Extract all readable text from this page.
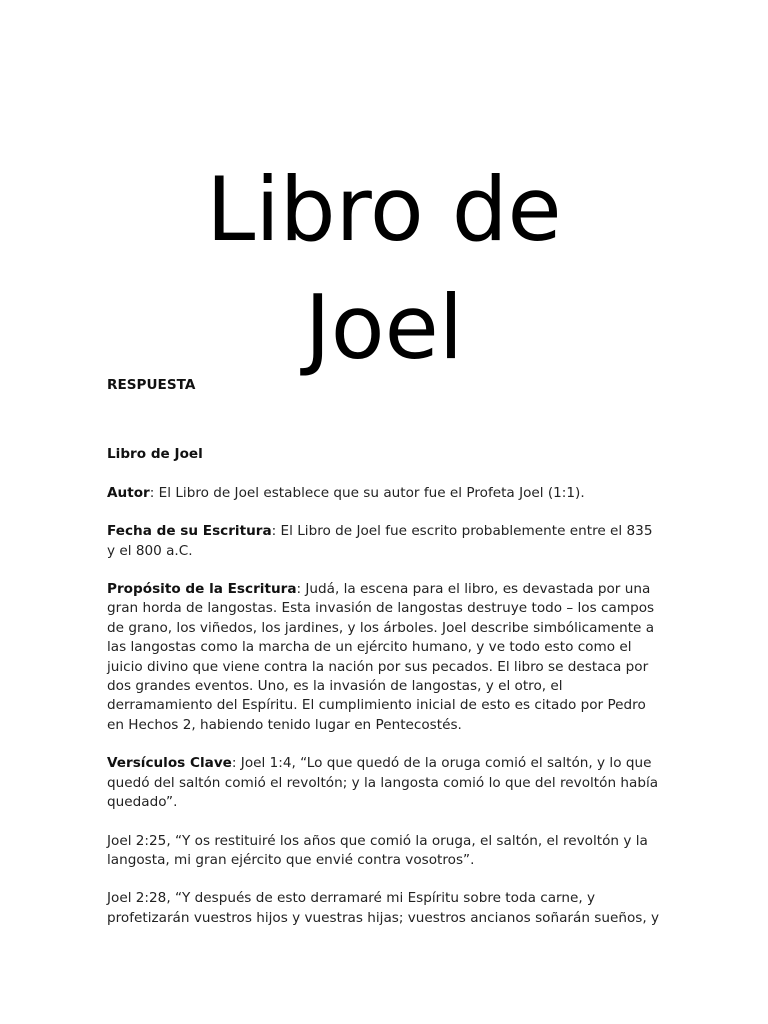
Libro de
Joel

RESPUESTA

Libro de Joel

Autor: El Libro de Joel establece que su autor fue el Profeta Joel (1:1).

Fecha de su Escritura: El Libro de Joel fue escrito probablemente entre el 835 y el 800 a.C.

Propósito de la Escritura: Judá, la escena para el libro, es devastada por una gran horda de langostas. Esta invasión de langostas destruye todo – los campos de grano, los viñedos, los jardines, y los árboles. Joel describe simbólicamente a las langostas como la marcha de un ejército humano, y ve todo esto como el juicio divino que viene contra la nación por sus pecados. El libro se destaca por dos grandes eventos. Uno, es la invasión de langostas, y el otro, el derramamiento del Espíritu. El cumplimiento inicial de esto es citado por Pedro en Hechos 2, habiendo tenido lugar en Pentecostés.

Versículos Clave: Joel 1:4, “Lo que quedó de la oruga comió el saltón, y lo que quedó del saltón comió el revoltón; y la langosta comió lo que del revoltón había quedado”.

Joel 2:25, “Y os restituiré los años que comió la oruga, el saltón, el revoltón y la langosta, mi gran ejército que envié contra vosotros”.

Joel 2:28, “Y después de esto derramaré mi Espíritu sobre toda carne, y profetizarán vuestros hijos y vuestras hijas; vuestros ancianos soñarán sueños, y
